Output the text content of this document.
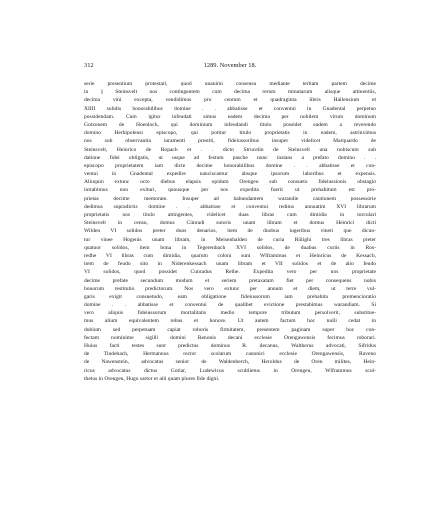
312	1289. November 18.
serie presentium protestari, quod unanimi consensu mediante tertiam partem decime
in || Steinsvelt nos contingentem cum decima rerum minutarum alisque attinentiis,
decima vini excepta, vendidimus pro centum et quadraginta libris Hallensium et
XIIII solidis honorabilibus domine . . abbatisse et conventui in Gnadental perpetuo
possidendam. Cum igitur infeudati simus eadem decima per nobilem virum dominum
Gotzonem de Hoenloch, qui dominium infeudandi titulo possidet eadem a reverendo
domino Herbipolensi episcopo, qui potitur titulo proprietatis in eadem, astrinximus
nos sub observantia iuramenti prestiti, fideiussoribus insuper videlicet Marquardo de
Steinsvelt, Heinrico de Ropach et . . dicto Strucelin de Steinsvelt una nobiscum sub
datione fidei obligatis, ut usque ad festum pasche nunc instans a prefato domino . .
episcopo proprietatem iam dicte decime honorabilibus domine . . abbatisse et con-
ventui in Gnadental expedire nanciscamur absque ipsorum laboribus et expensis.
Aliuquin extunc octo diebus elapsis opidum Orengeu sub consueto fideiussionis obstagio
intrabimus non exituri, quousque per nos expedita fuerit ut prehabitum est pro-
prietas decime memorate. Insuper ad habundantem warandie cautionem possessorie
dedimus supradictis domine . . abbatisse et conventui reditus annuatim XVI librarum
proprietatis nos titulo attingentes, videlicet duas libras cum dimidia in torculari
Steinsvelt in censu, domus Cūnradi sutoris unam libram et domus Heinrici dicti
Wilden VI solidos preter duos denarios, item de duobus iugeribus vineti que dicun-
tur vineе Hogenis unam libram, in Meisenhalden de curia Rūlighi tres libras preter
quatuor solidos, item bona in Tegerenbach XVI solidos, de duabus curiis in Ros-
redhe VI libras cum dimidia, quarum coloni sunt Wlframmus et Heinricus de Kessach,
item de feudo sito in Niderenkessach unam libram et VII solidos et de alio feudo
VI solidos, quod possidet Cunradus Reihe. Expedita vero per nos proprietate
decime prefate secundum modum et seriem pretaxatam fiet per consequens nobis
bonorum restitutio predictorum. Nos vero extunc per annum et diem, ut terre vul-
garis exigit consuetudo, eam obligatione fideiussorum iam prehabita premencioratio
domine . . abbatisse et conventui de qualibet evictione prestabimus warandiam. Si
vero aliquis fideiussorum mortalitatis medio tempore tributum persolverit, substitue-
mus alium equivalentem rebus et honore. Ut autem factum hoc nulli cedat in
dubium sed perpetuam capiat roboris firmitatem, presentem paginam super hoc con-
fectam nominime sigilli domini Renonis decani ecclesie Orengawensis fecimus roborari.
Huius facti testes sunt predictus dominus R. decanus, Waltherus advocati, Sifridus
de Tindebach, Hermannus rector scolarum canonici ecclesie Orengawensis, Raveno
de Nawenstein, advocatus senior de Waldenberch, Heroldus de Oren milites, Hein-
ricus advocatus dictus Gotiar, Ludewicus scultlietus in Orengeu, Wlframmus scul-
thetus in Orengeu, Hugo sartor et alii quam plures fide digni.
